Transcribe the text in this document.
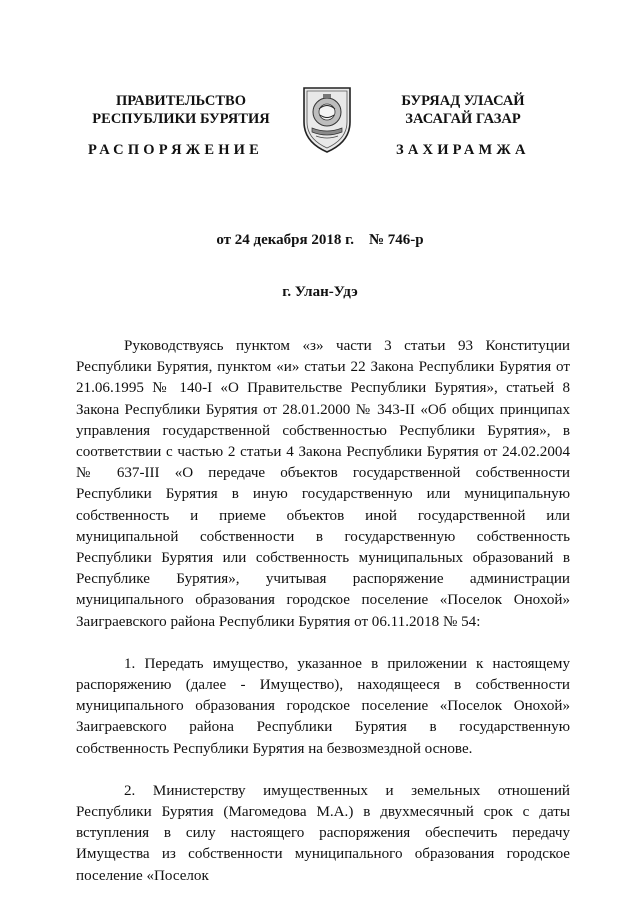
ПРАВИТЕЛЬСТВО
РЕСПУБЛИКИ БУРЯТИЯ
РАСПОРЯЖЕНИЕ
БУРЯАД УЛАСАЙ
ЗАСАГАЙ ГАЗАР
ЗАХИРАМЖА
от 24 декабря 2018 г.    № 746-р
г. Улан-Удэ

Руководствуясь пунктом «з» части 3 статьи 93 Конституции Республики Бурятия, пунктом «и» статьи 22 Закона Республики Бурятия от 21.06.1995 № 140-I «О Правительстве Республики Бурятия», статьей 8 Закона Республики Бурятия от 28.01.2000 № 343-II «Об общих принципах управления государственной собственностью Республики Бурятия», в соответствии с частью 2 статьи 4 Закона Республики Бурятия от 24.02.2004 № 637-III «О передаче объектов государственной собственности Республики Бурятия в иную государственную или муниципальную собственность и приеме объектов иной государственной или муниципальной собственности в государственную собственность Республики Бурятия или собственность муниципальных образований в Республике Бурятия», учитывая распоряжение администрации муниципального образования городское поселение «Поселок Онохой» Заиграевского района Республики Бурятия от 06.11.2018 № 54:

1. Передать имущество, указанное в приложении к настоящему распоряжению (далее - Имущество), находящееся в собственности муниципального образования городское поселение «Поселок Онохой» Заиграевского района Республики Бурятия в государственную собственность Республики Бурятия на безвозмездной основе.

2. Министерству имущественных и земельных отношений Республики Бурятия (Магомедова М.А.) в двухмесячный срок с даты вступления в силу настоящего распоряжения обеспечить передачу Имущества из собственности муниципального образования городское поселение «Поселок
